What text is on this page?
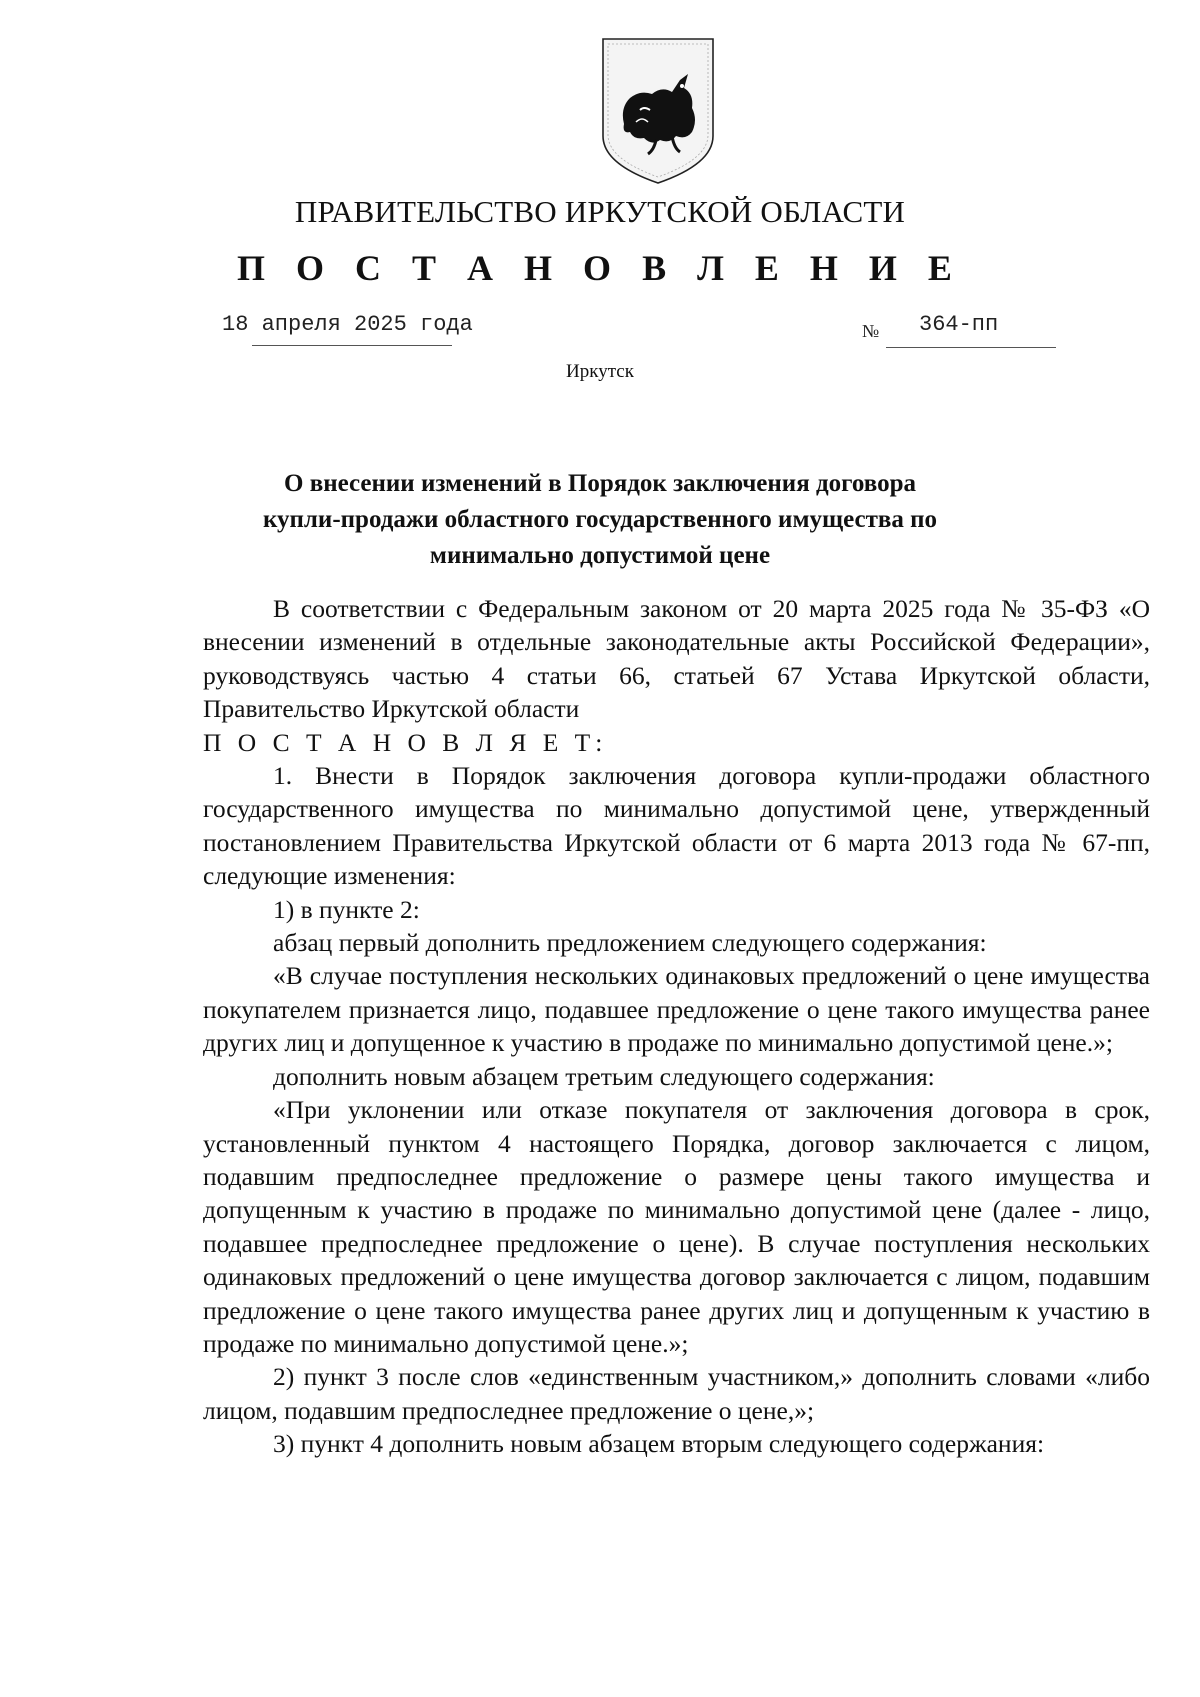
ПРАВИТЕЛЬСТВО ИРКУТСКОЙ ОБЛАСТИ
П О С Т А Н О В Л Е Н И Е
18 апреля 2025 года	№ 364-пп
Иркутск
О внесении изменений в Порядок заключения договора
купли-продажи областного государственного имущества по
минимально допустимой цене

В соответствии с Федеральным законом от 20 марта 2025 года № 35-ФЗ «О внесении изменений в отдельные законодательные акты Российской Федерации», руководствуясь частью 4 статьи 66, статьей 67 Устава Иркутской области, Правительство Иркутской области

П О С Т А Н О В Л Я Е Т:

1. Внести в Порядок заключения договора купли-продажи областного государственного имущества по минимально допустимой цене, утвержденный постановлением Правительства Иркутской области от 6 марта 2013 года № 67-пп, следующие изменения:

1) в пункте 2:

абзац первый дополнить предложением следующего содержания:

«В случае поступления нескольких одинаковых предложений о цене имущества покупателем признается лицо, подавшее предложение о цене такого имущества ранее других лиц и допущенное к участию в продаже по минимально допустимой цене.»;

дополнить новым абзацем третьим следующего содержания:

«При уклонении или отказе покупателя от заключения договора в срок, установленный пунктом 4 настоящего Порядка, договор заключается с лицом, подавшим предпоследнее предложение о размере цены такого имущества и допущенным к участию в продаже по минимально допустимой цене (далее - лицо, подавшее предпоследнее предложение о цене). В случае поступления нескольких одинаковых предложений о цене имущества договор заключается с лицом, подавшим предложение о цене такого имущества ранее других лиц и допущенным к участию в продаже по минимально допустимой цене.»;

2) пункт 3 после слов «единственным участником,» дополнить словами «либо лицом, подавшим предпоследнее предложение о цене,»;

3) пункт 4 дополнить новым абзацем вторым следующего содержания:
